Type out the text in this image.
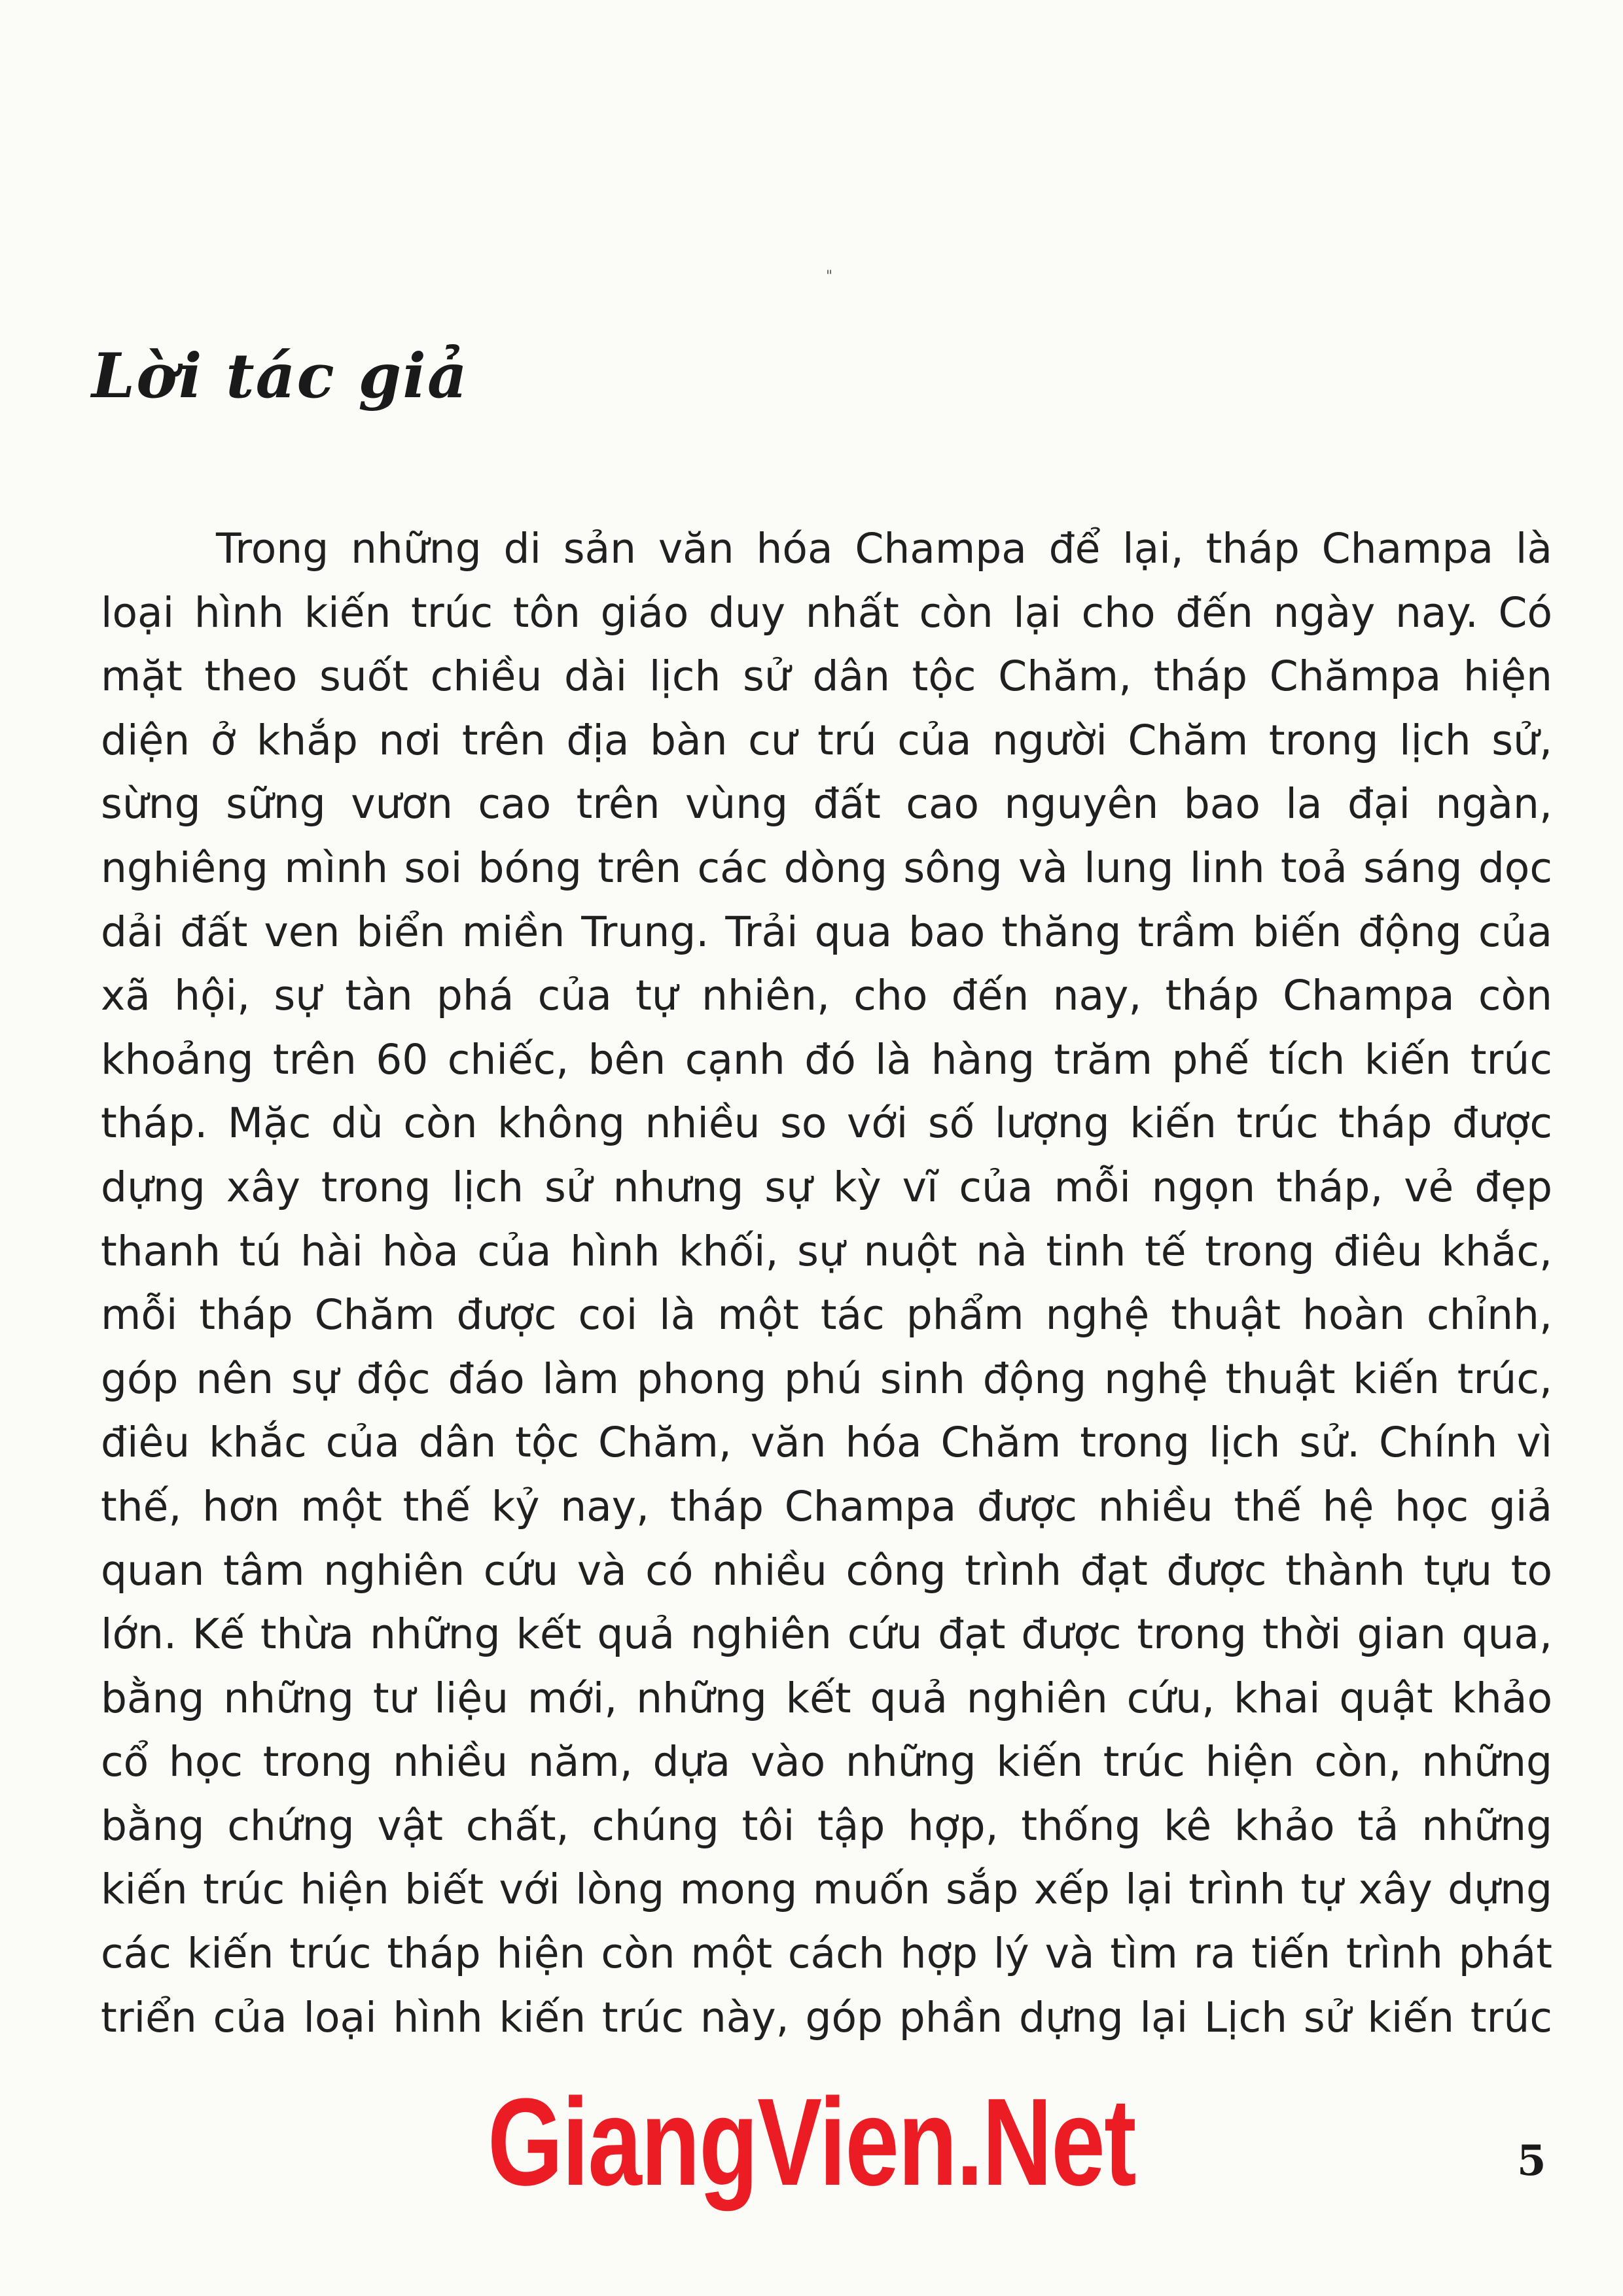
"
Lời tác giả
Trong những di sản văn hóa Champa để lại, tháp Champa là
loại hình kiến trúc tôn giáo duy nhất còn lại cho đến ngày nay. Có
mặt theo suốt chiều dài lịch sử dân tộc Chăm, tháp Chămpa hiện
diện ở khắp nơi trên địa bàn cư trú của người Chăm trong lịch sử,
sừng sững vươn cao trên vùng đất cao nguyên bao la đại ngàn,
nghiêng mình soi bóng trên các dòng sông và lung linh toả sáng dọc
dải đất ven biển miền Trung. Trải qua bao thăng trầm biến động của
xã hội, sự tàn phá của tự nhiên, cho đến nay, tháp Champa còn
khoảng trên 60 chiếc, bên cạnh đó là hàng trăm phế tích kiến trúc
tháp. Mặc dù còn không nhiều so với số lượng kiến trúc tháp được
dựng xây trong lịch sử nhưng sự kỳ vĩ của mỗi ngọn tháp, vẻ đẹp
thanh tú hài hòa của hình khối, sự nuột nà tinh tế trong điêu khắc,
mỗi tháp Chăm được coi là một tác phẩm nghệ thuật hoàn chỉnh,
góp nên sự độc đáo làm phong phú sinh động nghệ thuật kiến trúc,
điêu khắc của dân tộc Chăm, văn hóa Chăm trong lịch sử. Chính vì
thế, hơn một thế kỷ nay, tháp Champa được nhiều thế hệ học giả
quan tâm nghiên cứu và có nhiều công trình đạt được thành tựu to
lớn. Kế thừa những kết quả nghiên cứu đạt được trong thời gian qua,
bằng những tư liệu mới, những kết quả nghiên cứu, khai quật khảo
cổ học trong nhiều năm, dựa vào những kiến trúc hiện còn, những
bằng chứng vật chất, chúng tôi tập hợp, thống kê khảo tả những
kiến trúc hiện biết với lòng mong muốn sắp xếp lại trình tự xây dựng
các kiến trúc tháp hiện còn một cách hợp lý và tìm ra tiến trình phát
triển của loại hình kiến trúc này, góp phần dựng lại Lịch sử kiến trúc
GiangVien.Net	5
